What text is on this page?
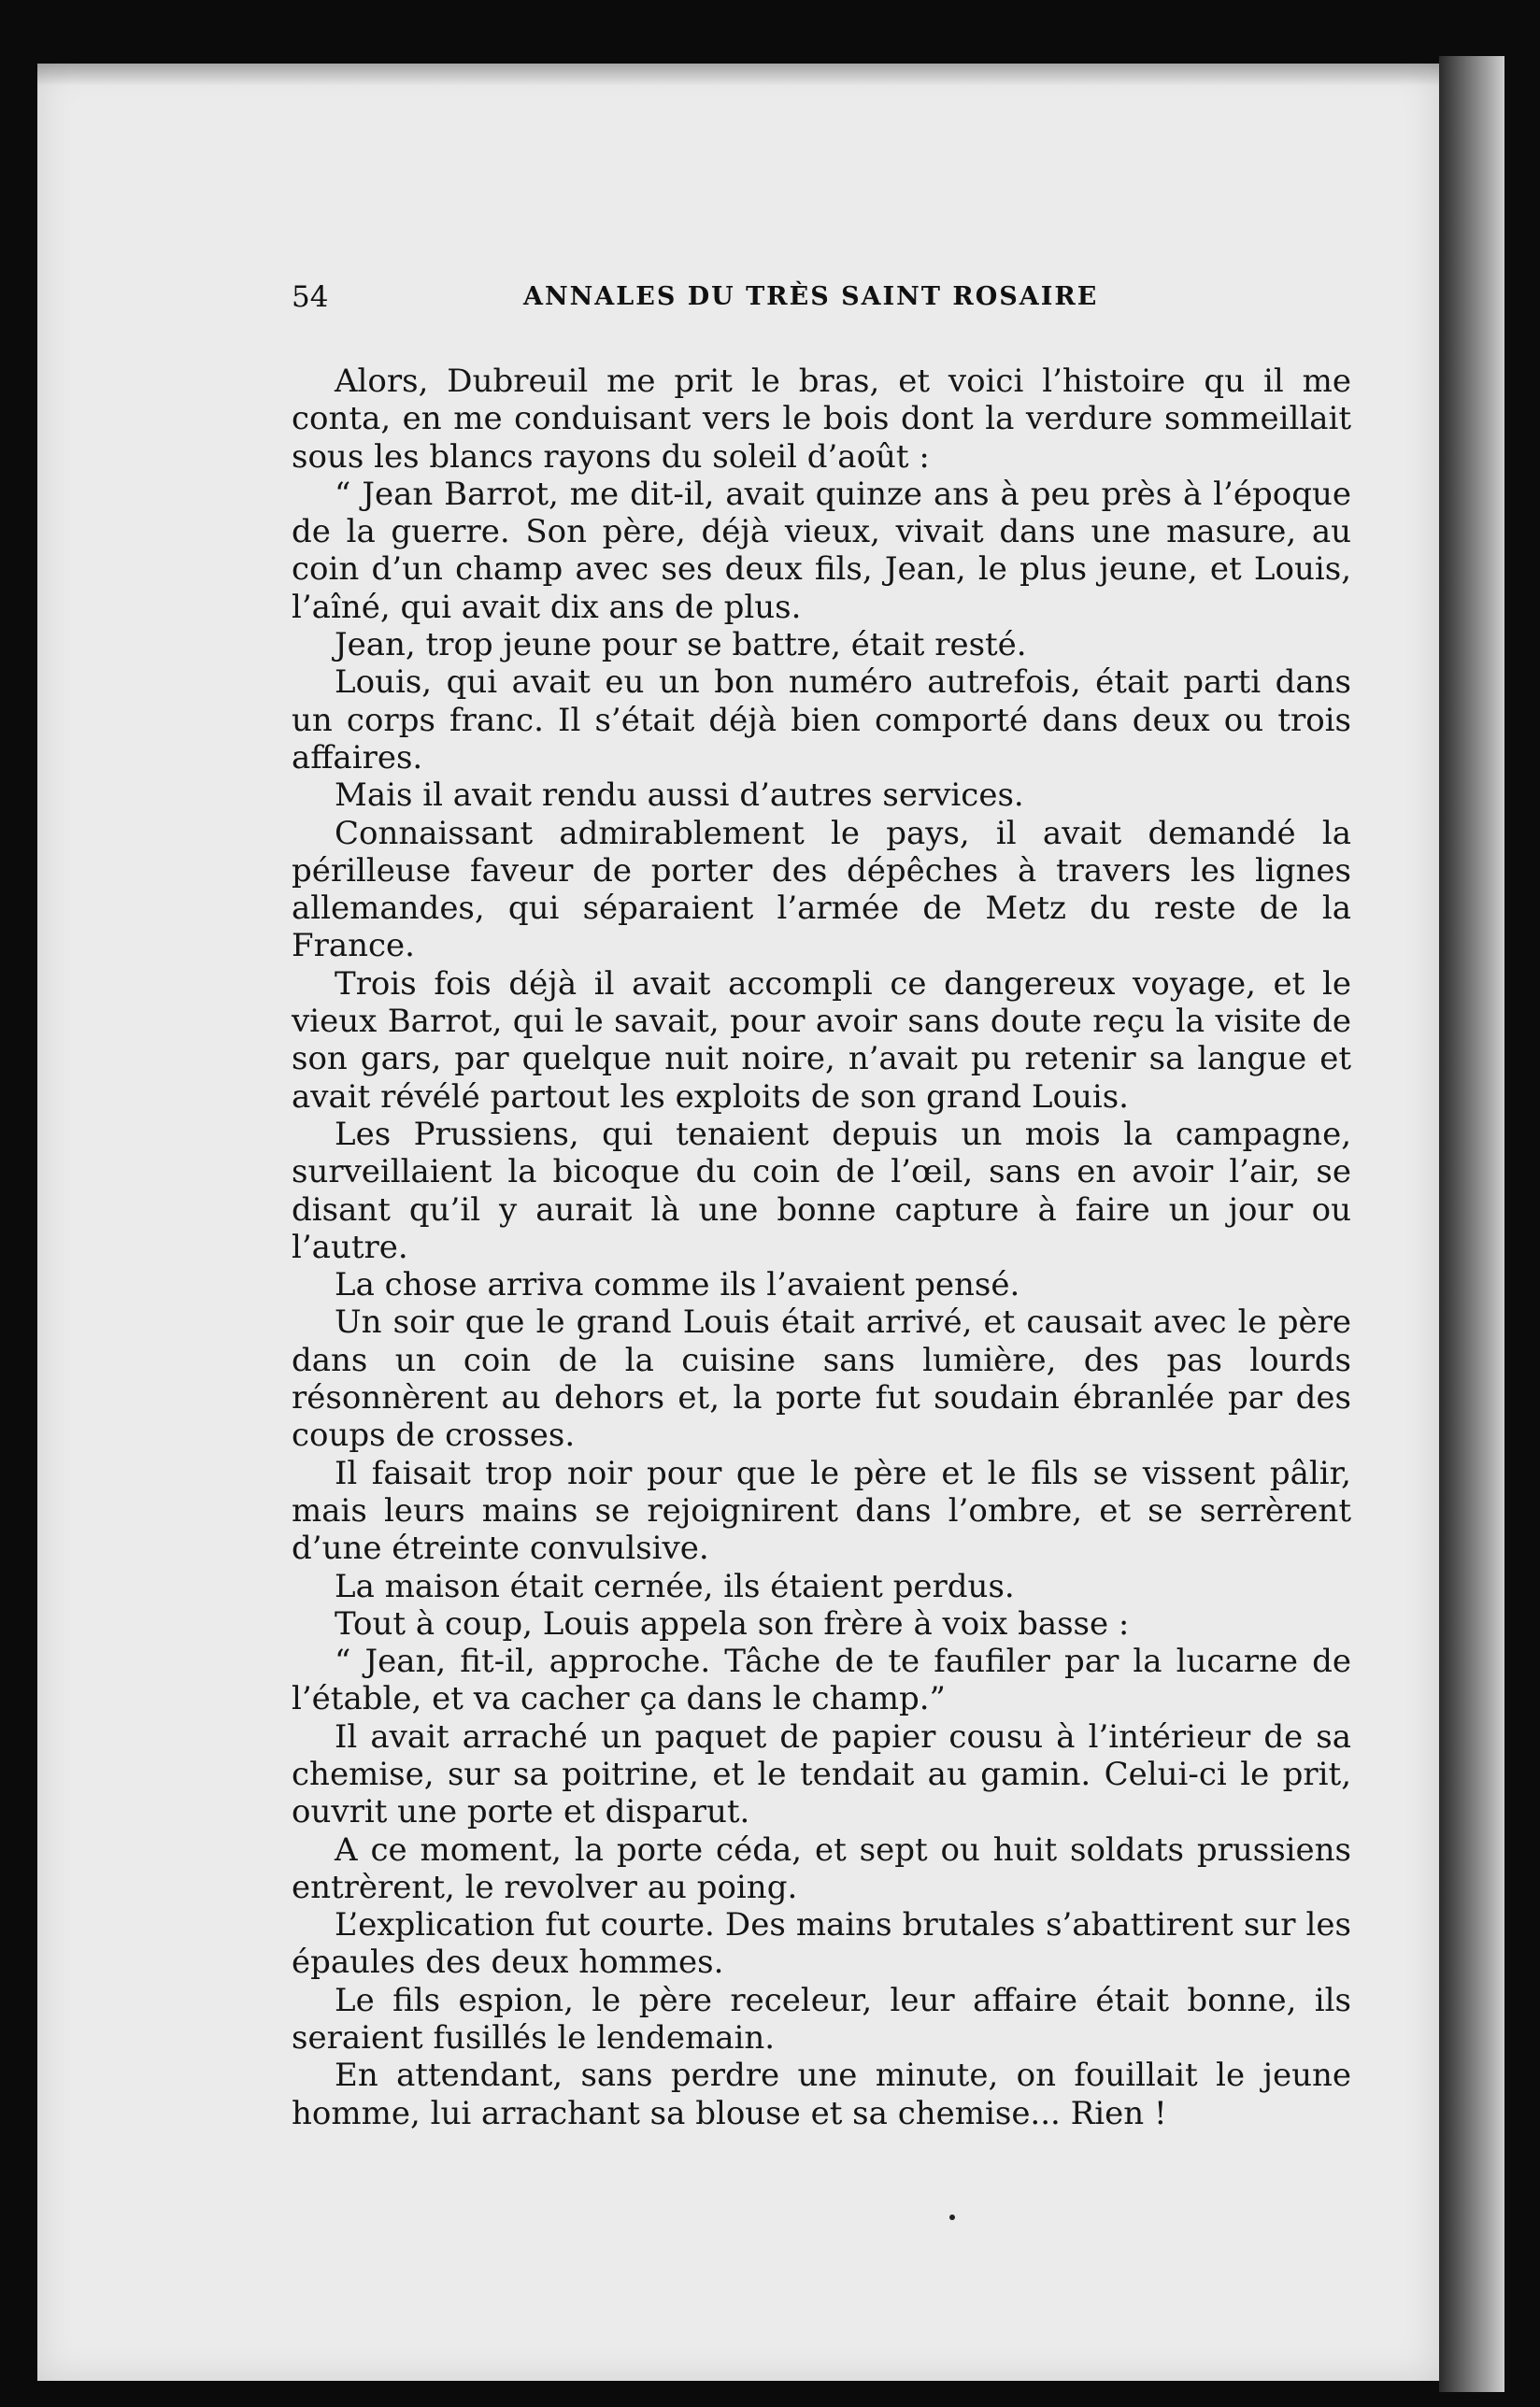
54	ANNALES DU TRÈS SAINT ROSAIRE

Alors, Dubreuil me prit le bras, et voici l’histoire qu il me conta, en me conduisant vers le bois dont la verdure sommeillait sous les blancs rayons du soleil d’août :

“ Jean Barrot, me dit-il, avait quinze ans à peu près à l’époque de la guerre. Son père, déjà vieux, vivait dans une masure, au coin d’un champ avec ses deux fils, Jean, le plus jeune, et Louis, l’aîné, qui avait dix ans de plus.

Jean, trop jeune pour se battre, était resté.

Louis, qui avait eu un bon numéro autrefois, était parti dans un corps franc. Il s’était déjà bien comporté dans deux ou trois affaires.

Mais il avait rendu aussi d’autres services.

Connaissant admirablement le pays, il avait demandé la périlleuse faveur de porter des dépêches à travers les lignes allemandes, qui séparaient l’armée de Metz du reste de la France.

Trois fois déjà il avait accompli ce dangereux voyage, et le vieux Barrot, qui le savait, pour avoir sans doute reçu la visite de son gars, par quelque nuit noire, n’avait pu retenir sa langue et avait révélé partout les exploits de son grand Louis.

Les Prussiens, qui tenaient depuis un mois la campagne, surveillaient la bicoque du coin de l’œil, sans en avoir l’air, se disant qu’il y aurait là une bonne capture à faire un jour ou l’autre.

La chose arriva comme ils l’avaient pensé.

Un soir que le grand Louis était arrivé, et causait avec le père dans un coin de la cuisine sans lumière, des pas lourds résonnèrent au dehors et, la porte fut soudain ébranlée par des coups de crosses.

Il faisait trop noir pour que le père et le fils se vissent pâlir, mais leurs mains se rejoignirent dans l’ombre, et se serrèrent d’une étreinte convulsive.

La maison était cernée, ils étaient perdus.

Tout à coup, Louis appela son frère à voix basse :

“ Jean, fit-il, approche. Tâche de te faufiler par la lucarne de l’étable, et va cacher ça dans le champ.”

Il avait arraché un paquet de papier cousu à l’intérieur de sa chemise, sur sa poitrine, et le tendait au gamin. Celui-ci le prit, ouvrit une porte et disparut.

A ce moment, la porte céda, et sept ou huit soldats prussiens entrèrent, le revolver au poing.

L’explication fut courte. Des mains brutales s’abattirent sur les épaules des deux hommes.

Le fils espion, le père receleur, leur affaire était bonne, ils seraient fusillés le lendemain.

En attendant, sans perdre une minute, on fouillait le jeune homme, lui arrachant sa blouse et sa chemise... Rien !
